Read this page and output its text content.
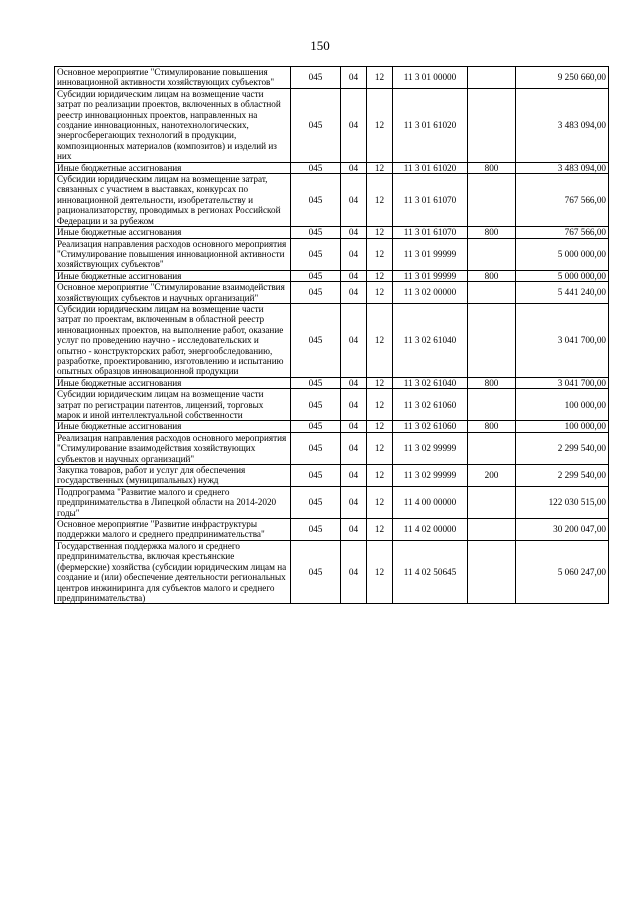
150
Основное мероприятие "Стимулирование повышения инновационной активности хозяйствующих субъектов"	045	04	12	11 3 01 00000		9 250 660,00
Субсидии юридическим лицам на возмещение части затрат по реализации проектов, включенных в областной реестр инновационных проектов, направленных на создание инновационных, нанотехнологических, энергосберегающих технологий в продукции, композиционных материалов (композитов) и изделий из них	045	04	12	11 3 01 61020		3 483 094,00
Иные бюджетные ассигнования	045	04	12	11 3 01 61020	800	3 483 094,00
Субсидии юридическим лицам на возмещение затрат, связанных с участием в выставках, конкурсах по инновационной деятельности, изобретательству и рационализаторству, проводимых в регионах Российской Федерации и за рубежом	045	04	12	11 3 01 61070		767 566,00
Иные бюджетные ассигнования	045	04	12	11 3 01 61070	800	767 566,00
Реализация направления расходов основного мероприятия "Стимулирование повышения инновационной активности хозяйствующих субъектов"	045	04	12	11 3 01 99999		5 000 000,00
Иные бюджетные ассигнования	045	04	12	11 3 01 99999	800	5 000 000,00
Основное мероприятие "Стимулирование взаимодействия хозяйствующих субъектов и научных организаций"	045	04	12	11 3 02 00000		5 441 240,00
Субсидии юридическим лицам на возмещение части затрат по проектам, включенным в областной реестр инновационных проектов, на выполнение работ, оказание услуг по проведению научно - исследовательских и опытно - конструкторских работ, энергообследованию, разработке, проектированию, изготовлению и испытанию опытных образцов инновационной продукции	045	04	12	11 3 02 61040		3 041 700,00
Иные бюджетные ассигнования	045	04	12	11 3 02 61040	800	3 041 700,00
Субсидии юридическим лицам на возмещение части затрат по регистрации патентов, лицензий, торговых марок и иной интеллектуальной собственности	045	04	12	11 3 02 61060		100 000,00
Иные бюджетные ассигнования	045	04	12	11 3 02 61060	800	100 000,00
Реализация направления расходов основного мероприятия "Стимулирование взаимодействия хозяйствующих субъектов и научных организаций"	045	04	12	11 3 02 99999		2 299 540,00
Закупка товаров, работ и услуг для обеспечения государственных (муниципальных) нужд	045	04	12	11 3 02 99999	200	2 299 540,00
Подпрограмма "Развитие малого и среднего предпринимательства в Липецкой области на 2014-2020 годы"	045	04	12	11 4 00 00000		122 030 515,00
Основное мероприятие "Развитие инфраструктуры поддержки малого и среднего предпринимательства"	045	04	12	11 4 02 00000		30 200 047,00
Государственная поддержка малого и среднего предпринимательства, включая крестьянские (фермерские) хозяйства (субсидии юридическим лицам на создание и (или) обеспечение деятельности региональных центров инжиниринга для субъектов малого и среднего предпринимательства)	045	04	12	11 4 02 50645		5 060 247,00
